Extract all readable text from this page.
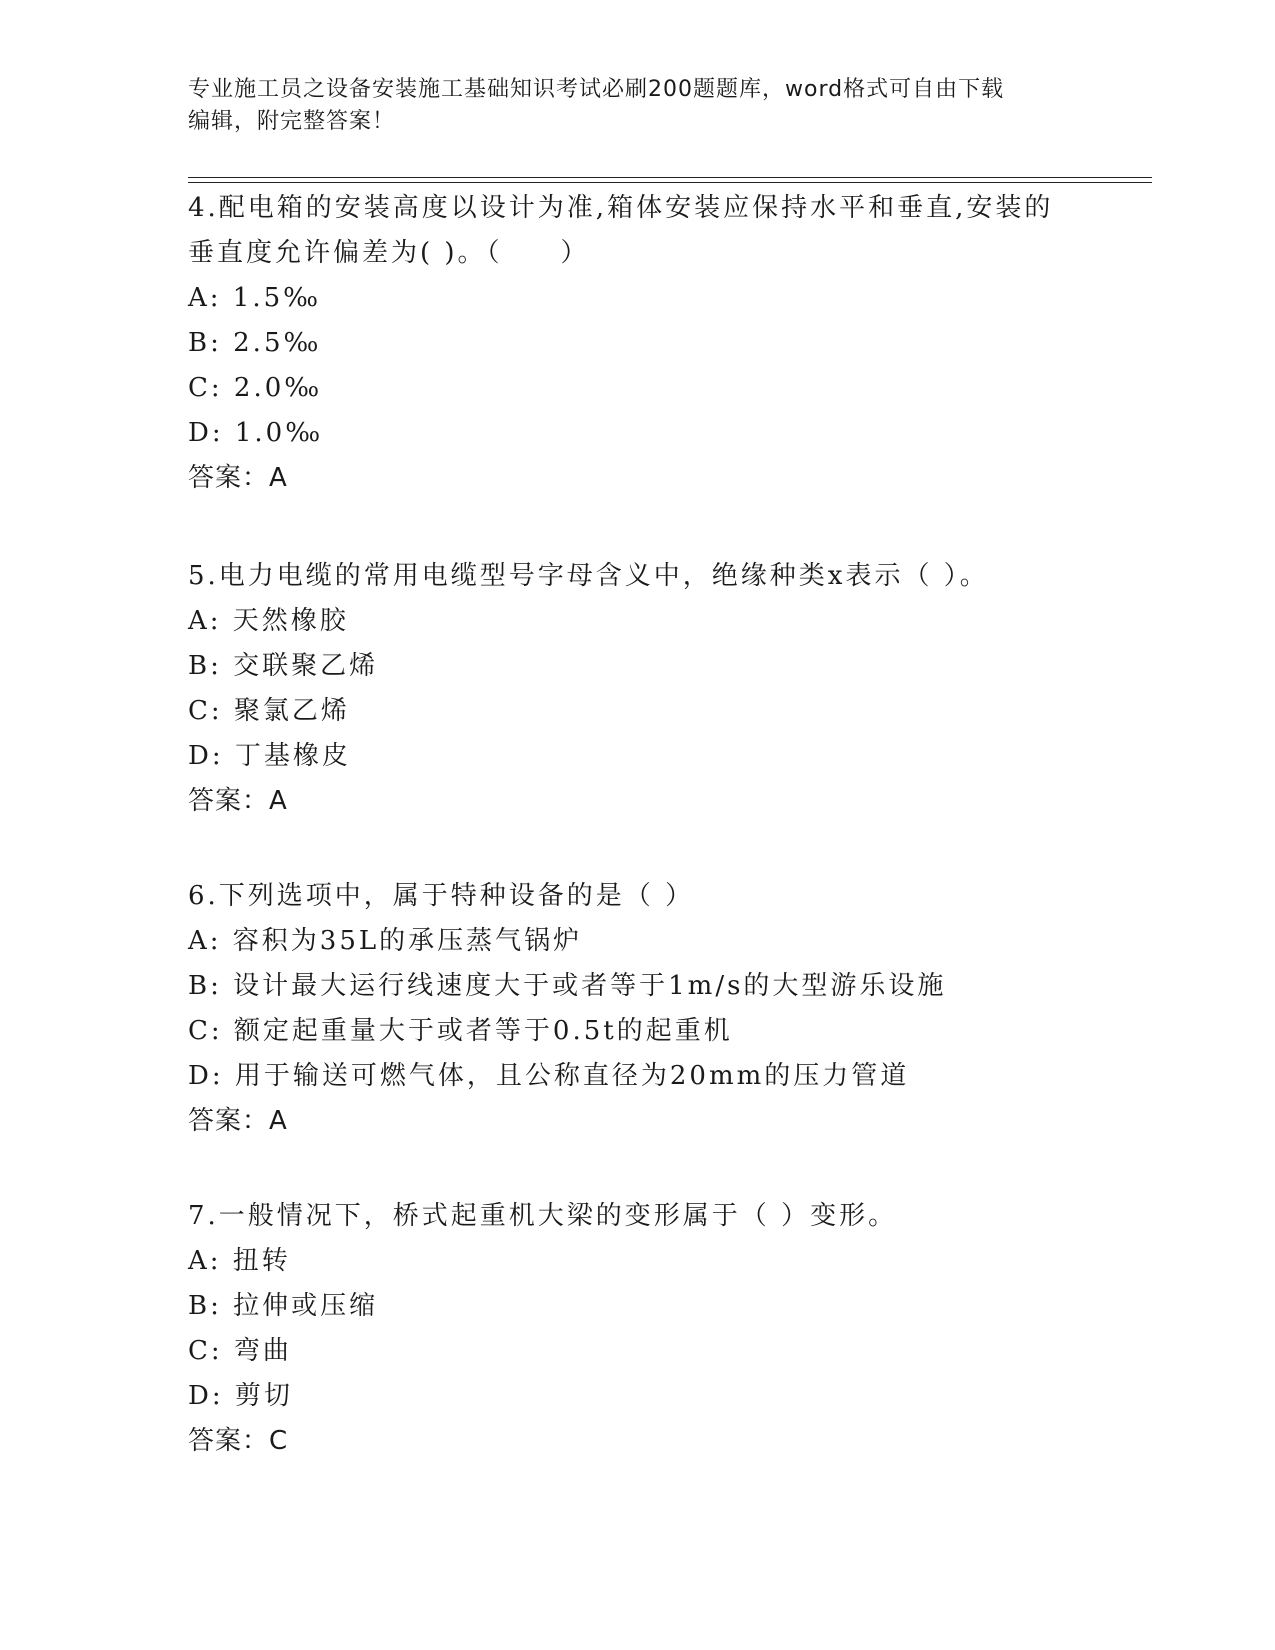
专业施工员之设备安装施工基础知识考试必刷200题题库，word格式可自由下载
编辑，附完整答案！
4.配电箱的安装高度以设计为准,箱体安装应保持水平和垂直,安装的
垂直度允许偏差为( )。（　　）
A: 1.5‰
B: 2.5‰
C: 2.0‰
D: 1.0‰
答案：A
5.电力电缆的常用电缆型号字母含义中，绝缘种类x表示（ ）。
A: 天然橡胶
B: 交联聚乙烯
C: 聚氯乙烯
D: 丁基橡皮
答案：A
6.下列选项中，属于特种设备的是（ ）
A: 容积为35L的承压蒸气锅炉
B: 设计最大运行线速度大于或者等于1m/s的大型游乐设施
C: 额定起重量大于或者等于0.5t的起重机
D: 用于输送可燃气体，且公称直径为20mm的压力管道
答案：A
7.一般情况下，桥式起重机大梁的变形属于（ ）变形。
A: 扭转
B: 拉伸或压缩
C: 弯曲
D: 剪切
答案：C
